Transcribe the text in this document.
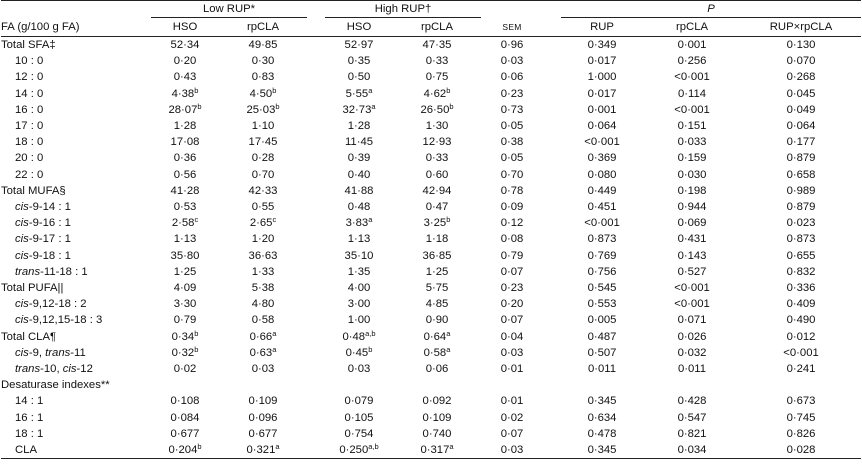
	Low RUP*			High RUP†				P		
FA (g/100 g FA)	HSO	rpCLA		HSO	rpCLA	SEM		RUP	rpCLA	RUP×rpCLA
Total SFA‡	52·34	49·85		52·97	47·35	0·96		0·349	0·001	0·130
10 : 0	0·20	0·30		0·35	0·33	0·03		0·017	0·256	0·070
12 : 0	0·43	0·83		0·50	0·75	0·06		1·000	<0·001	0·268
14 : 0	$4\cdot 38^b$	$4\cdot 50^b$		$5\cdot 55^a$	$4\cdot 62^b$	0·23		0·017	0·114	0·045
16 : 0	$28\cdot 07^b$	$25\cdot 03^b$		$32\cdot 73^a$	$26\cdot 50^b$	0·73		0·001	<0·001	0·049
17 : 0	1·28	1·10		1·28	1·30	0·05		0·064	0·151	0·064
18 : 0	17·08	17·45		11·45	12·93	0·38		<0·001	0·033	0·177
20 : 0	0·36	0·28		0·39	0·33	0·05		0·369	0·159	0·879
22 : 0	0·56	0·70		0·40	0·60	0·70		0·080	0·030	0·658
Total MUFA§	41·28	42·33		41·88	42·94	0·78		0·449	0·198	0·989
cis-9-14 : 1	0·53	0·55		0·48	0·47	0·09		0·451	0·944	0·879
cis-9-16 : 1	$2\cdot 58^c$	$2\cdot 65^c$		$3\cdot 83^a$	$3\cdot 25^b$	0·12		<0·001	0·069	0·023
cis-9-17 : 1	1·13	1·20		1·13	1·18	0·08		0·873	0·431	0·873
cis-9-18 : 1	35·80	36·63		35·10	36·85	0·79		0·769	0·143	0·655
trans-11-18 : 1	1·25	1·33		1·35	1·25	0·07		0·756	0·527	0·832
Total PUFA||	4·09	5·38		4·00	5·75	0·23		0·545	<0·001	0·336
cis-9,12-18 : 2	3·30	4·80		3·00	4·85	0·20		0·553	<0·001	0·409
cis-9,12,15-18 : 3	0·79	0·58		1·00	0·90	0·07		0·005	0·071	0·490
Total CLA¶	$0\cdot 34^b$	$0\cdot 66^a$		$0\cdot 48^{a,b}$	$0\cdot 64^a$	0·04		0·487	0·026	0·012
cis-9, trans-11	$0\cdot 32^b$	$0\cdot 63^a$		$0\cdot 45^b$	$0\cdot 58^a$	0·03		0·507	0·032	<0·001
trans-10, cis-12	0·02	0·03		0·03	0·06	0·01		0·011	0·011	0·241
Desaturase indexes**										
14 : 1	0·108	0·109		0·079	0·092	0·01		0·345	0·428	0·673
16 : 1	0·084	0·096		0·105	0·109	0·02		0·634	0·547	0·745
18 : 1	0·677	0·677		0·754	0·740	0·07		0·478	0·821	0·826
CLA	$0\cdot 204^b$	$0\cdot 321^a$		$0\cdot 250^{a,b}$	$0\cdot 317^a$	0·03		0·345	0·034	0·028
